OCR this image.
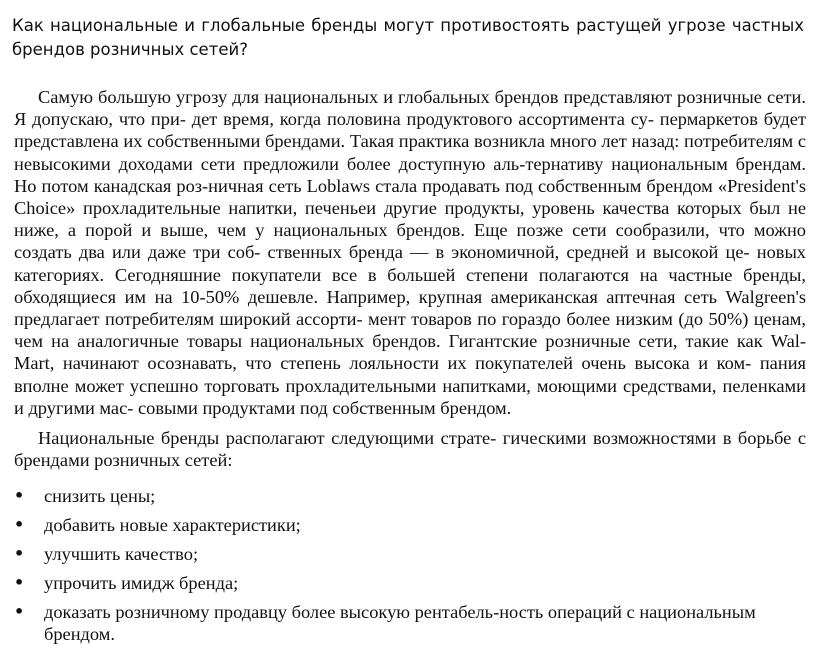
Как национальные и глобальные бренды могут противостоять растущей угрозе частных брендов розничных сетей?

Самую большую угрозу для национальных и глобальных брендов представляют розничные сети. Я допускаю, что при- дет время, когда половина продуктового ассортимента су- пермаркетов будет представлена их собственными брендами. Такая практика возникла много лет назад: потребителям с невысокими доходами сети предложили более доступную аль-тернативу национальным брендам. Но потом канадская роз-ничная сеть Loblaws стала продавать под собственным брендом «President's Choice» прохладительные напитки, печеньеи другие продукты, уровень качества которых был не ниже, а порой и выше, чем у национальных брендов. Еще позже сети сообразили, что можно создать два или даже три соб- ственных бренда — в экономичной, средней и высокой це- новых категориях. Сегодняшние покупатели все в большей степени полагаются на частные бренды, обходящиеся им на 10-50% дешевле. Например, крупная американская аптечная сеть Walgreen's предлагает потребителям широкий ассорти- мент товаров по гораздо более низким (до 50%) ценам, чем на аналогичные товары национальных брендов. Гигантские розничные сети, такие как Wal-Mart, начинают осознавать, что степень лояльности их покупателей очень высока и ком- пания вполне может успешно торговать прохладительными напитками, моющими средствами, пеленками и другими мас- совыми продуктами под собственным брендом.

Национальные бренды располагают следующими страте- гическими возможностями в борьбе с брендами розничных сетей:

• снизить цены;
• добавить новые характеристики;
• улучшить качество;
• упрочить имидж бренда;
• доказать розничному продавцу более высокую рентабель-ность операций с национальным брендом.
